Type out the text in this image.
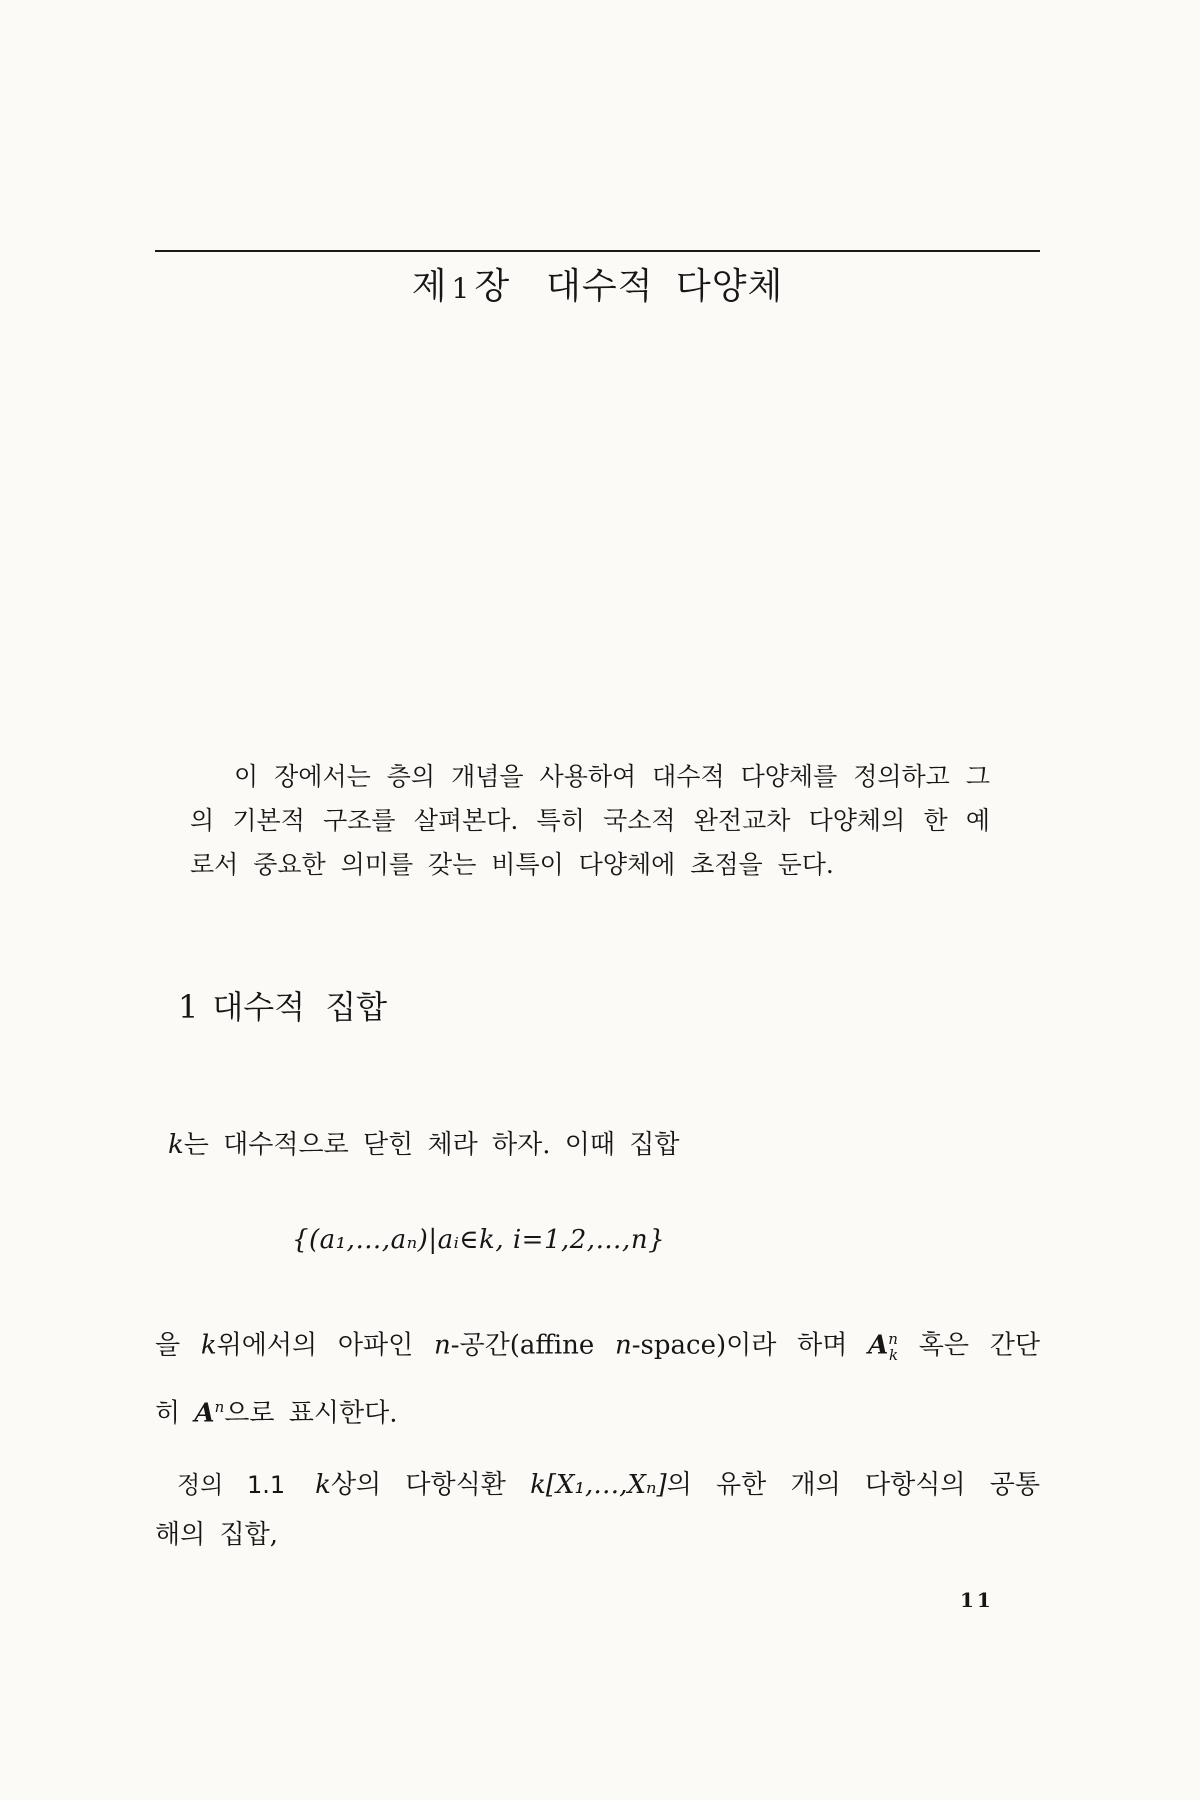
제 1 장 대수적 다양체

이 장에서는 층의 개념을 사용하여 대수적 다양체를 정의하고 그

의 기본적 구조를 살펴본다. 특히 국소적 완전교차 다양체의 한 예

로서 중요한 의미를 갖는 비특이 다양체에 초점을 둔다.

1 대수적 집합
k는 대수적으로 닫힌 체라 하자. 이때 집합
{(a₁,…,aₙ)|aᵢ∈k, i=1,2,…,n}

을 k위에서의 아파인 n-공간(affine n-space)이라 하며 $A^n_k$ 혹은 간단

히 $A^n$으로 표시한다.

정의 1.1 k상의 다항식환 k[X₁,…,Xₙ]의 유한 개의 다항식의 공통

해의 집합,

11
